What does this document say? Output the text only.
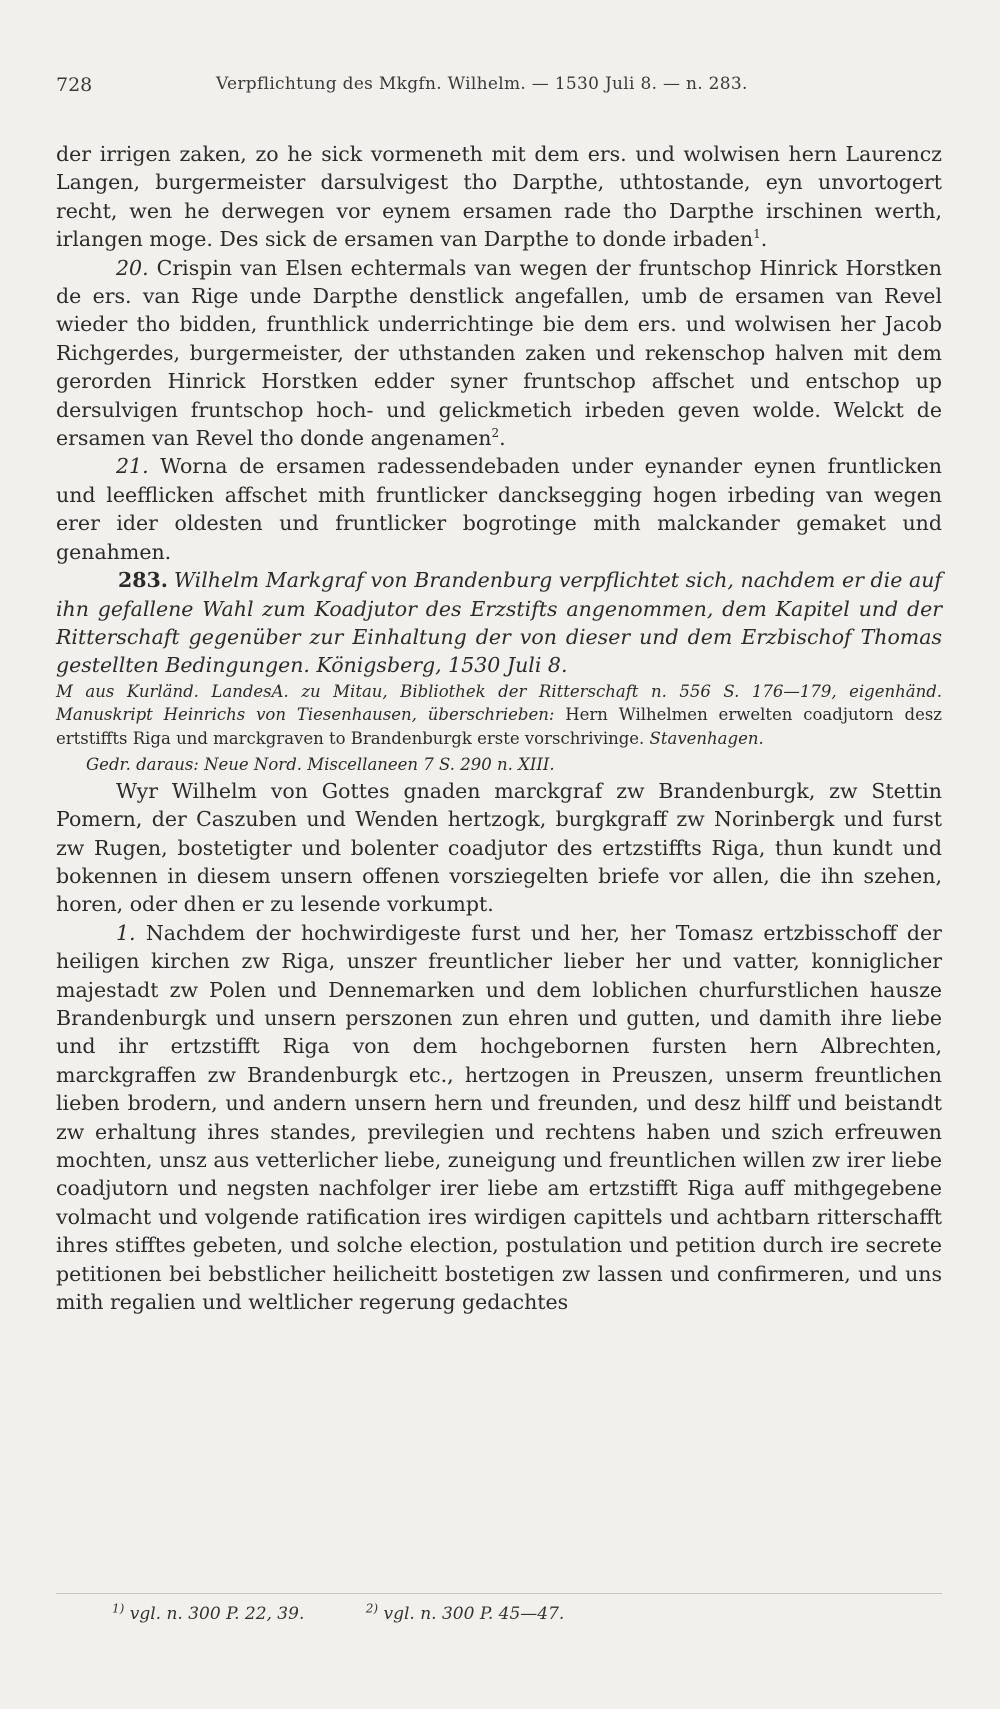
728	Verpflichtung des Mkgfn. Wilhelm. — 1530 Juli 8. — n. 283.

der irrigen zaken, zo he sick vormeneth mit dem ers. und wolwisen hern Laurencz Langen, burgermeister darsulvigest tho Darpthe, uthtostande, eyn unvortogert recht, wen he derwegen vor eynem ersamen rade tho Darpthe irschinen werth, irlangen moge. Des sick de ersamen van Darpthe to donde irbaden$^1$.

20. Crispin van Elsen echtermals van wegen der fruntschop Hinrick Horstken de ers. van Rige unde Darpthe denstlick angefallen, umb de ersamen van Revel wieder tho bidden, frunthlick underrichtinge bie dem ers. und wolwisen her Jacob Richgerdes, burgermeister, der uthstanden zaken und rekenschop halven mit dem gerorden Hinrick Horstken edder syner fruntschop affschet und entschop up dersulvigen fruntschop hoch- und gelickmetich irbeden geven wolde. Welckt de ersamen van Revel tho donde angenamen$^2$.

21. Worna de ersamen radessendebaden under eynander eynen fruntlicken und leefflicken affschet mith fruntlicker dancksegging hogen irbeding van wegen erer ider oldesten und fruntlicker bogrotinge mith malckander gemaket und genahmen.

283. Wilhelm Markgraf von Brandenburg verpflichtet sich, nachdem er die auf ihn gefallene Wahl zum Koadjutor des Erzstifts angenommen, dem Kapitel und der Ritterschaft gegenüber zur Einhaltung der von dieser und dem Erzbischof Thomas gestellten Bedingungen. Königsberg, 1530 Juli 8.

M aus Kurländ. LandesA. zu Mitau, Bibliothek der Ritterschaft n. 556 S. 176—179, eigenhänd. Manuskript Heinrichs von Tiesenhausen, überschrieben: Hern Wilhelmen erwelten coadjutorn desz ertstiffts Riga und marckgraven to Brandenburgk erste vorschrivinge. Stavenhagen.
Gedr. daraus: Neue Nord. Miscellaneen 7 S. 290 n. XIII.

Wyr Wilhelm von Gottes gnaden marckgraf zw Brandenburgk, zw Stettin Pomern, der Caszuben und Wenden hertzogk, burgkgraff zw Norinbergk und furst zw Rugen, bostetigter und bolenter coadjutor des ertzstiffts Riga, thun kundt und bokennen in diesem unsern offenen vorsziegelten briefe vor allen, die ihn szehen, horen, oder dhen er zu lesende vorkumpt.

1. Nachdem der hochwirdigeste furst und her, her Tomasz ertzbisschoff der heiligen kirchen zw Riga, unszer freuntlicher lieber her und vatter, konniglicher majestadt zw Polen und Dennemarken und dem loblichen churfurstlichen hausze Brandenburgk und unsern perszonen zun ehren und gutten, und damith ihre liebe und ihr ertzstifft Riga von dem hochgebornen fursten hern Albrechten, marckgraffen zw Brandenburgk etc., hertzogen in Preuszen, unserm freuntlichen lieben brodern, und andern unsern hern und freunden, und desz hilff und beistandt zw erhaltung ihres standes, previlegien und rechtens haben und szich erfreuwen mochten, unsz aus vetterlicher liebe, zuneigung und freuntlichen willen zw irer liebe coadjutorn und negsten nachfolger irer liebe am ertzstifft Riga auff mithgegebene volmacht und volgende ratification ires wirdigen capittels und achtbarn ritterschafft ihres stifftes gebeten, und solche election, postulation und petition durch ire secrete petitionen bei bebstlicher heilicheitt bostetigen zw lassen und confirmeren, und uns mith regalien und weltlicher regerung gedachtes

$^{1)}$ vgl. n. 300 P. 22, 39.	$^{2)}$ vgl. n. 300 P. 45—47.
